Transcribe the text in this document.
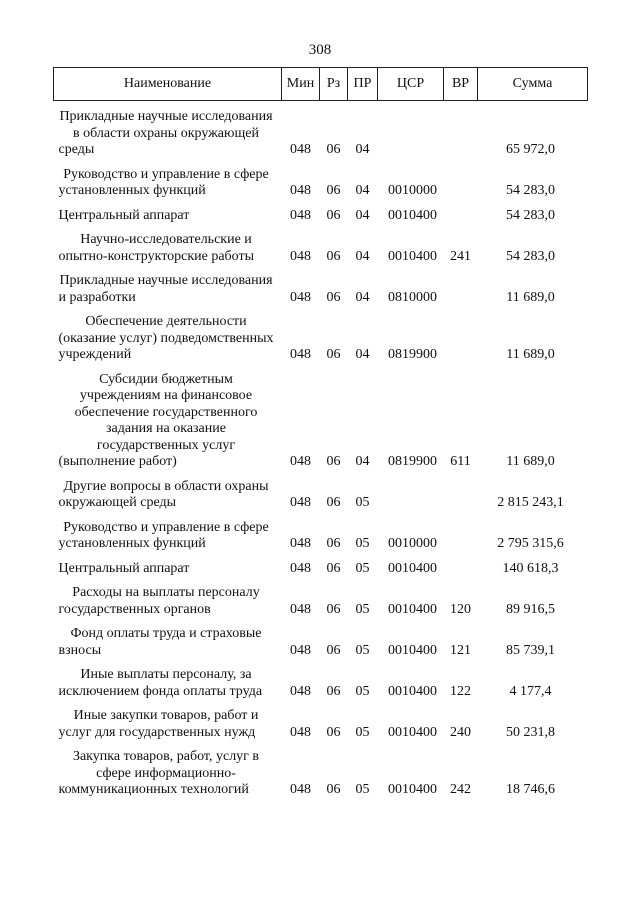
308
Наименование	Мин	Рз	ПР	ЦСР	ВР	Сумма
Прикладные научные исследования в области охраны окружающей среды	048	06	04			65 972,0
Руководство и управление в сфере установленных функций	048	06	04	0010000		54 283,0
Центральный аппарат	048	06	04	0010400		54 283,0
Научно-исследовательские и опытно-конструкторские работы	048	06	04	0010400	241	54 283,0
Прикладные научные исследования и разработки	048	06	04	0810000		11 689,0
Обеспечение деятельности (оказание услуг) подведомственных учреждений	048	06	04	0819900		11 689,0
Субсидии бюджетным учреждениям на финансовое обеспечение государственного задания на оказание государственных услуг (выполнение работ)	048	06	04	0819900	611	11 689,0
Другие вопросы в области охраны окружающей среды	048	06	05			2 815 243,1
Руководство и управление в сфере установленных функций	048	06	05	0010000		2 795 315,6
Центральный аппарат	048	06	05	0010400		140 618,3
Расходы на выплаты персоналу государственных органов	048	06	05	0010400	120	89 916,5
Фонд оплаты труда и страховые взносы	048	06	05	0010400	121	85 739,1
Иные выплаты персоналу, за исключением фонда оплаты труда	048	06	05	0010400	122	4 177,4
Иные закупки товаров, работ и услуг для государственных нужд	048	06	05	0010400	240	50 231,8
Закупка товаров, работ, услуг в сфере информационно-коммуникационных технологий	048	06	05	0010400	242	18 746,6
